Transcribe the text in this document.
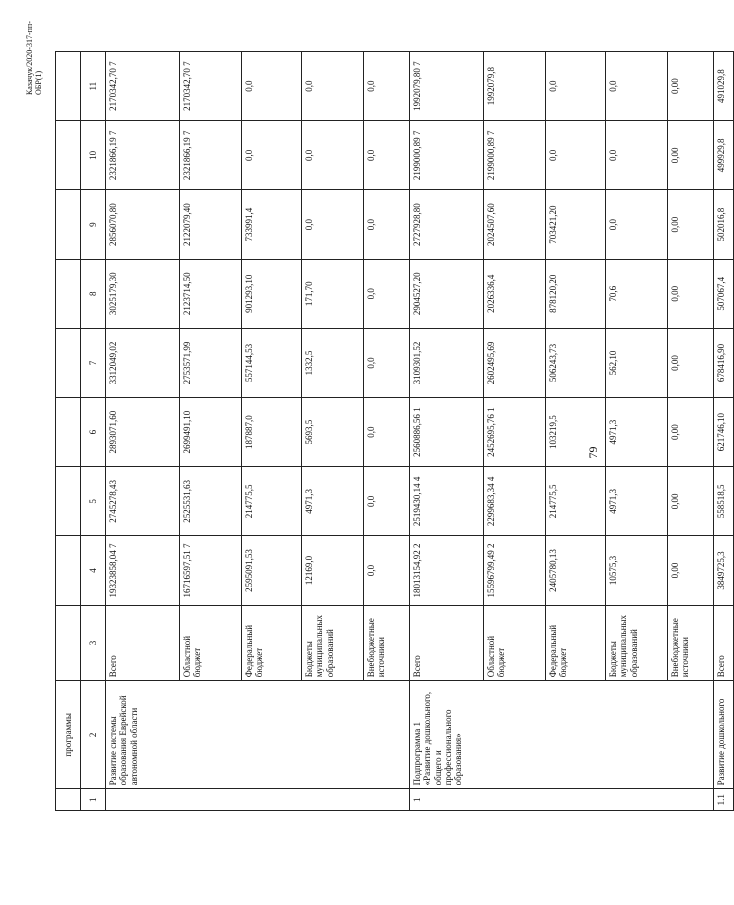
79
Казачук/2020-317-пп-ОБР(1)
	программы									
1	2	3	4	5	6	7	8	9	10	11
	Развитие системы образования Еврейской автономной области	Всего	19323858,04 7	2745278,43	2893071,60	3312049,02	3025179,30	2856070,80	2321866,19 7	2170342,70 7
		Областной бюджет	16716597,51 7	2525531,63	2699491,10	2753571,99	2123714,50	2122079,40	2321866,19 7	2170342,70 7
		Федеральный бюджет	2595091,53	214775,5	187887,0	557144,53	901293,10	733991,4	0,0	0,0
		Бюджеты муниципальных образований	12169,0	4971,3	5693,5	1332,5	171,70	0,0	0,0	0,0
		Внебюджетные источники	0,0	0,0	0,0	0,0	0,0	0,0	0,0	0,0
1	Подпрограмма 1 «Развитие дошкольного, общего и профессионального образования»	Всего	18013154,92 2	2519430,14 4	2560886,56 1	3109301,52	2904527,20	2727928,80	2199000,89 7	1992079,80 7
		Областной бюджет	15596799,49 2	2299683,34 4	2452695,76 1	2602495,69	2026336,4	2024507,60	2199000,89 7	1992079,8
		Федеральный бюджет	2405780,13	214775,5	103219,5	506243,73	878120,20	703421,20	0,0	0,0
		Бюджеты муниципальных образований	10575,3	4971,3	4971,3	562,10	70,6	0,0	0,0	0,0
		Внебюджетные источники	0,00	0,00	0,00	0,00	0,00	0,00	0,00	0,00
1.1	Развитие дошкольного	Всего	3849725,3	558518,5	621746,10	678416,90	507067,4	502016,8	499929,8	491029,8
